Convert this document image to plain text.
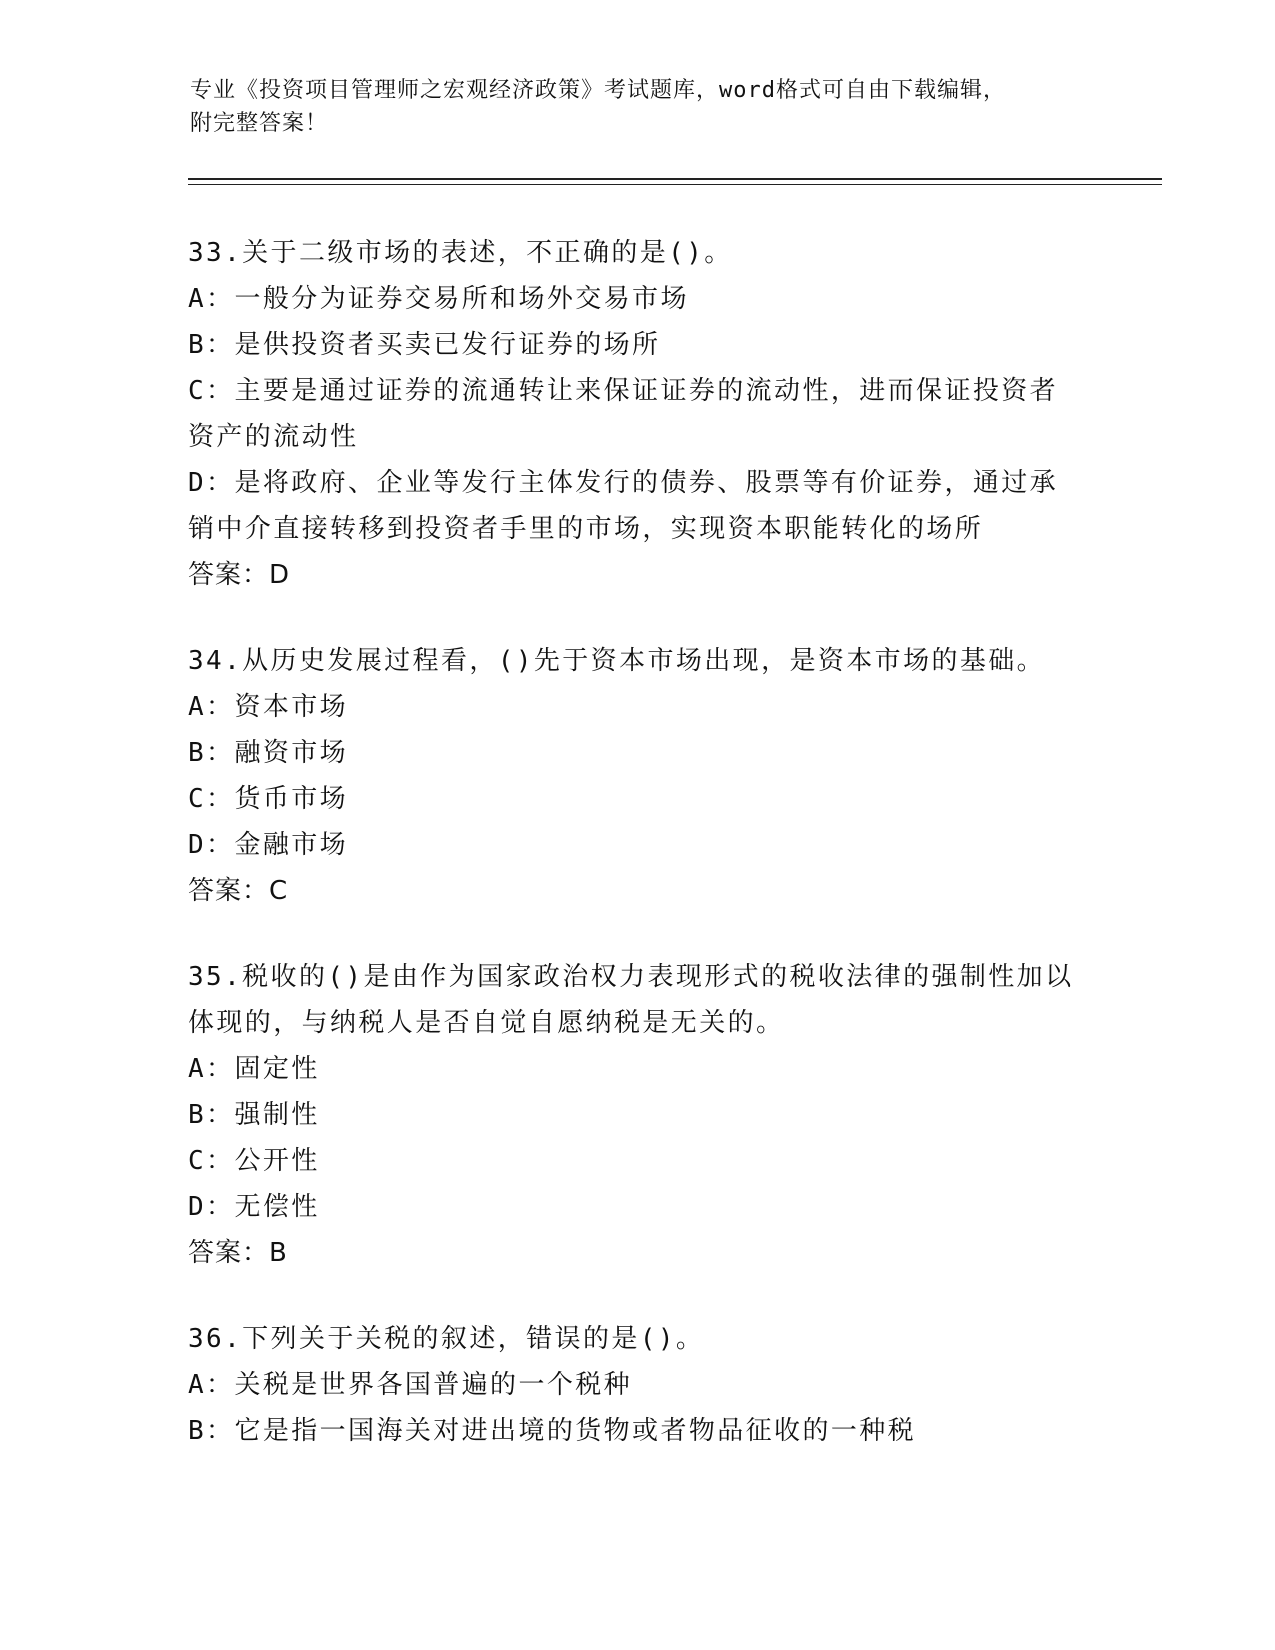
专业《投资项目管理师之宏观经济政策》考试题库，word格式可自由下载编辑，
附完整答案！
33.关于二级市场的表述，不正确的是()。
A：一般分为证券交易所和场外交易市场
B：是供投资者买卖已发行证券的场所
C：主要是通过证券的流通转让来保证证券的流动性，进而保证投资者
资产的流动性
D：是将政府、企业等发行主体发行的债券、股票等有价证券，通过承
销中介直接转移到投资者手里的市场，实现资本职能转化的场所
答案：D
34.从历史发展过程看，()先于资本市场出现，是资本市场的基础。
A：资本市场
B：融资市场
C：货币市场
D：金融市场
答案：C
35.税收的()是由作为国家政治权力表现形式的税收法律的强制性加以
体现的，与纳税人是否自觉自愿纳税是无关的。
A：固定性
B：强制性
C：公开性
D：无偿性
答案：B
36.下列关于关税的叙述，错误的是()。
A：关税是世界各国普遍的一个税种
B：它是指一国海关对进出境的货物或者物品征收的一种税
